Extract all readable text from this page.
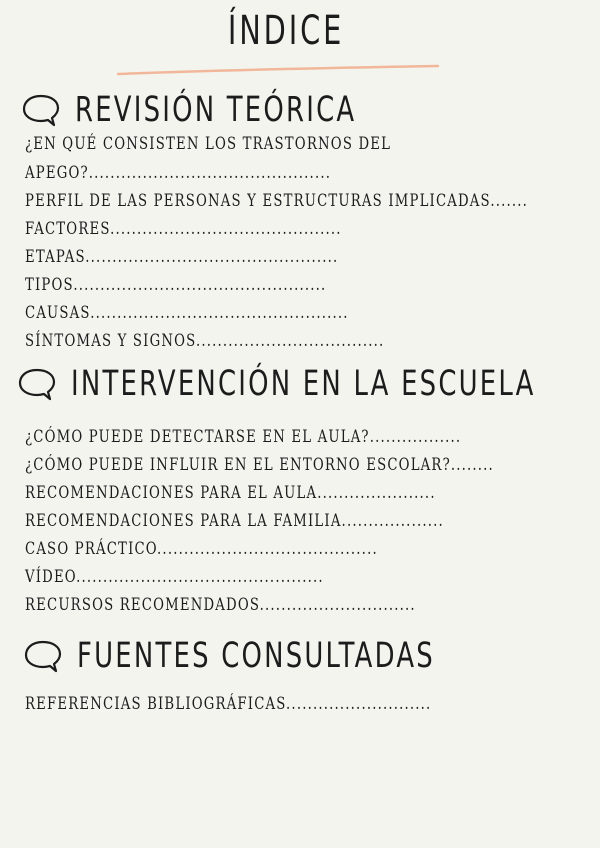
ÍNDICE
REVISIÓN TEÓRICA
¿EN QUÉ CONSISTEN LOS TRASTORNOS DEL
APEGO?.............................................
PERFIL DE LAS PERSONAS Y ESTRUCTURAS IMPLICADAS.......
FACTORES...........................................
ETAPAS...............................................
TIPOS...............................................
CAUSAS................................................
SÍNTOMAS Y SIGNOS...................................
INTERVENCIÓN EN LA ESCUELA
¿CÓMO PUEDE DETECTARSE EN EL AULA?.................
¿CÓMO PUEDE INFLUIR EN EL ENTORNO ESCOLAR?........
RECOMENDACIONES PARA EL AULA......................
RECOMENDACIONES PARA LA FAMILIA...................
CASO PRÁCTICO.........................................
VÍDEO..............................................
RECURSOS RECOMENDADOS.............................
FUENTES CONSULTADAS
REFERENCIAS BIBLIOGRÁFICAS...........................
